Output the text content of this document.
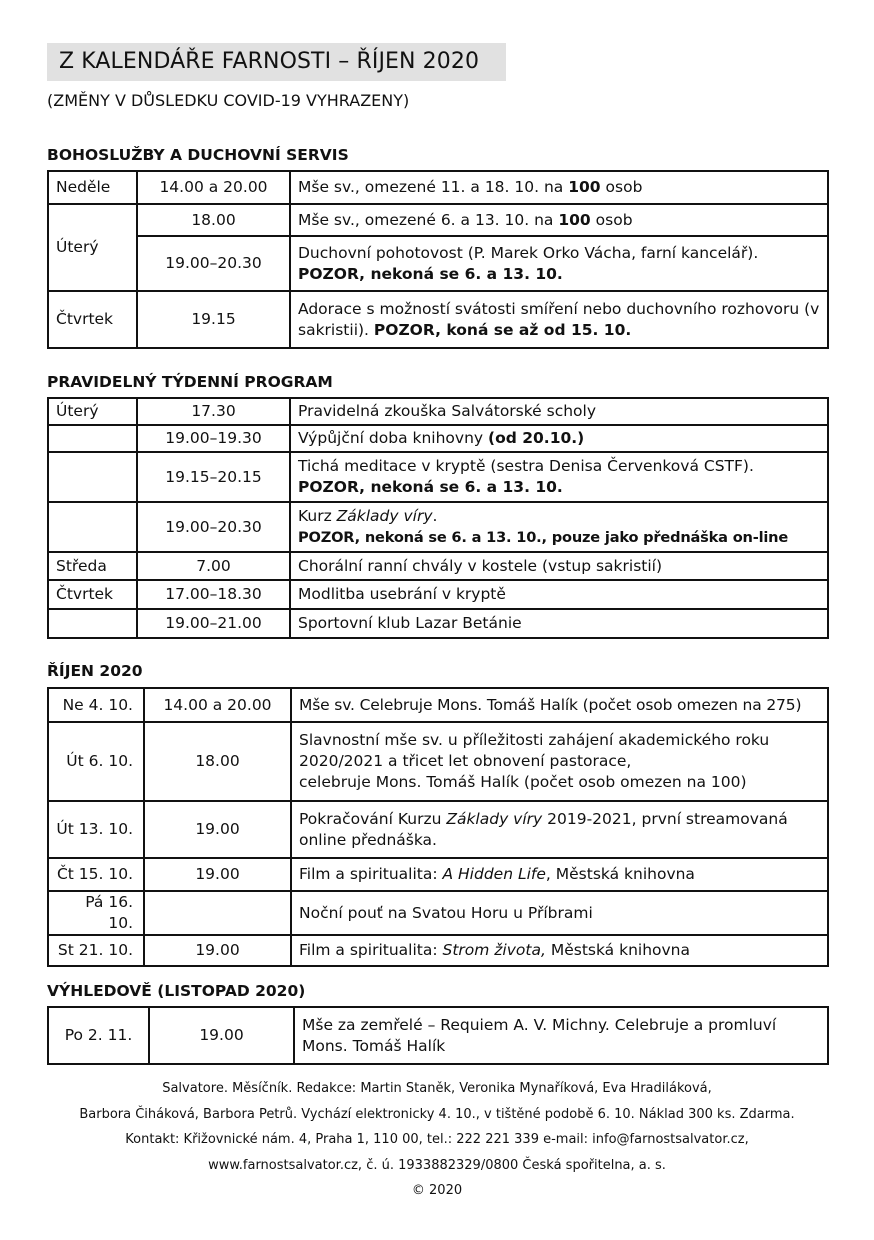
Z KALENDÁŘE FARNOSTI – ŘÍJEN 2020
(ZMĚNY V DŮSLEDKU COVID-19 VYHRAZENY)
BOHOSLUŽBY A DUCHOVNÍ SERVIS
Neděle	14.00 a 20.00	Mše sv., omezené 11. a 18. 10. na 100 osob
Úterý	18.00	Mše sv., omezené 6. a 13. 10. na 100 osob
	19.00–20.30	Duchovní pohotovost (P. Marek Orko Vácha, farní kancelář).
POZOR, nekoná se 6. a 13. 10.
Čtvrtek	19.15	Adorace s možností svátosti smíření nebo duchovního rozhovoru (v sakristii). POZOR, koná se až od 15. 10.
PRAVIDELNÝ TÝDENNÍ PROGRAM
Úterý	17.30	Pravidelná zkouška Salvátorské scholy
	19.00–19.30	Výpůjční doba knihovny (od 20.10.)
	19.15–20.15	Tichá meditace v kryptě (sestra Denisa Červenková CSTF).
POZOR, nekoná se 6. a 13. 10.
	19.00–20.30	Kurz Základy víry.
POZOR, nekoná se 6. a 13. 10., pouze jako přednáška on-line
Středa	7.00	Chorální ranní chvály v kostele (vstup sakristií)
Čtvrtek	17.00–18.30	Modlitba usebrání v kryptě
	19.00–21.00	Sportovní klub Lazar Betánie
ŘÍJEN 2020
Ne 4. 10.	14.00 a 20.00	Mše sv. Celebruje Mons. Tomáš Halík (počet osob omezen na 275)
Út 6. 10.	18.00	Slavnostní mše sv. u příležitosti zahájení akademického roku 2020/2021 a třicet let obnovení pastorace,
celebruje Mons. Tomáš Halík (počet osob omezen na 100)
Út 13. 10.	19.00	Pokračování Kurzu Základy víry 2019-2021, první streamovaná online přednáška.
Čt 15. 10.	19.00	Film a spiritualita: A Hidden Life, Městská knihovna
Pá 16. 10.		Noční pouť na Svatou Horu u Příbrami
St 21. 10.	19.00	Film a spiritualita: Strom života, Městská knihovna
VÝHLEDOVĚ (LISTOPAD 2020)
Po 2. 11.	19.00	Mše za zemřelé – Requiem A. V. Michny. Celebruje a promluví
Mons. Tomáš Halík
Salvatore. Měsíčník. Redakce: Martin Staněk, Veronika Mynaříková, Eva Hradiláková,
Barbora Čiháková, Barbora Petrů. Vychází elektronicky 4. 10., v tištěné podobě 6. 10. Náklad 300 ks. Zdarma.
Kontakt: Křižovnické nám. 4, Praha 1, 110 00, tel.: 222 221 339 e-mail: info@farnostsalvator.cz,
www.farnostsalvator.cz, č. ú. 1933882329/0800 Česká spořitelna, a. s.
© 2020
